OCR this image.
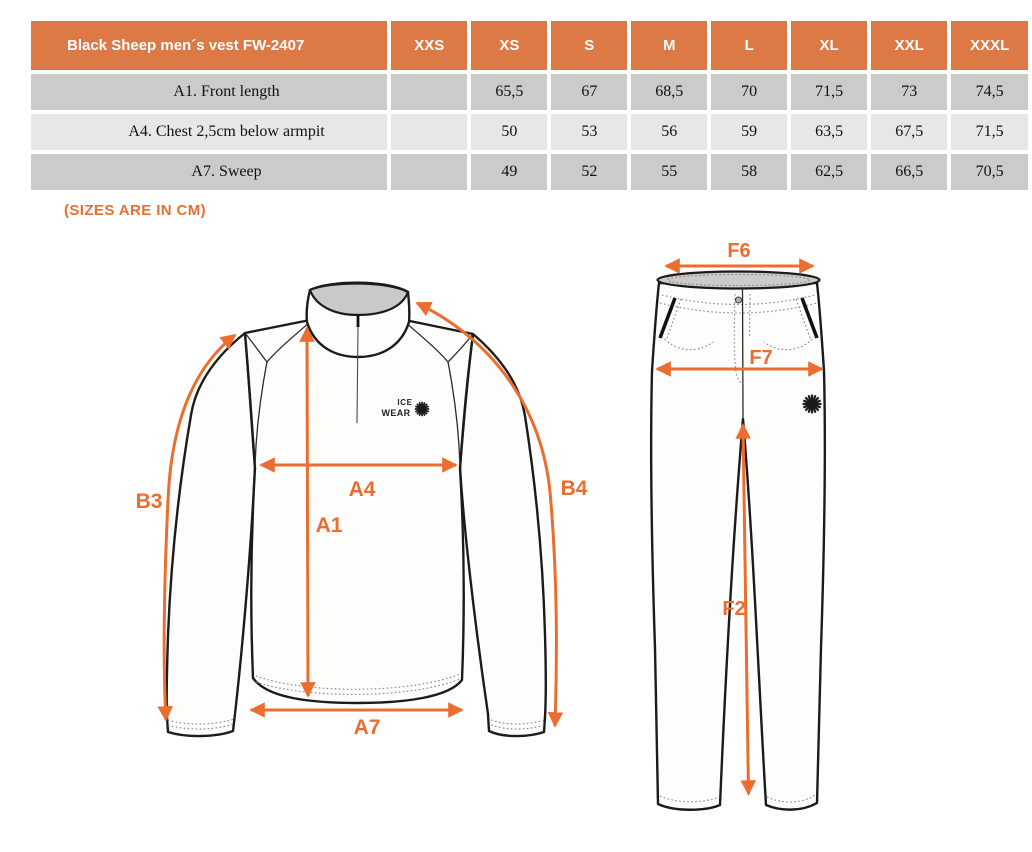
Black Sheep men´s vest FW-2407	XXS	XS	S	M	L	XL	XXL	XXXL
A1. Front length		65,5	67	68,5	70	71,5	73	74,5
A4. Chest 2,5cm below armpit		50	53	56	59	63,5	67,5	71,5
A7. Sweep		49	52	55	58	62,5	66,5	70,5
(SIZES ARE IN CM)
ICE
WEAR
B3
B4
A4
A1
A7
F6
F7
F2
